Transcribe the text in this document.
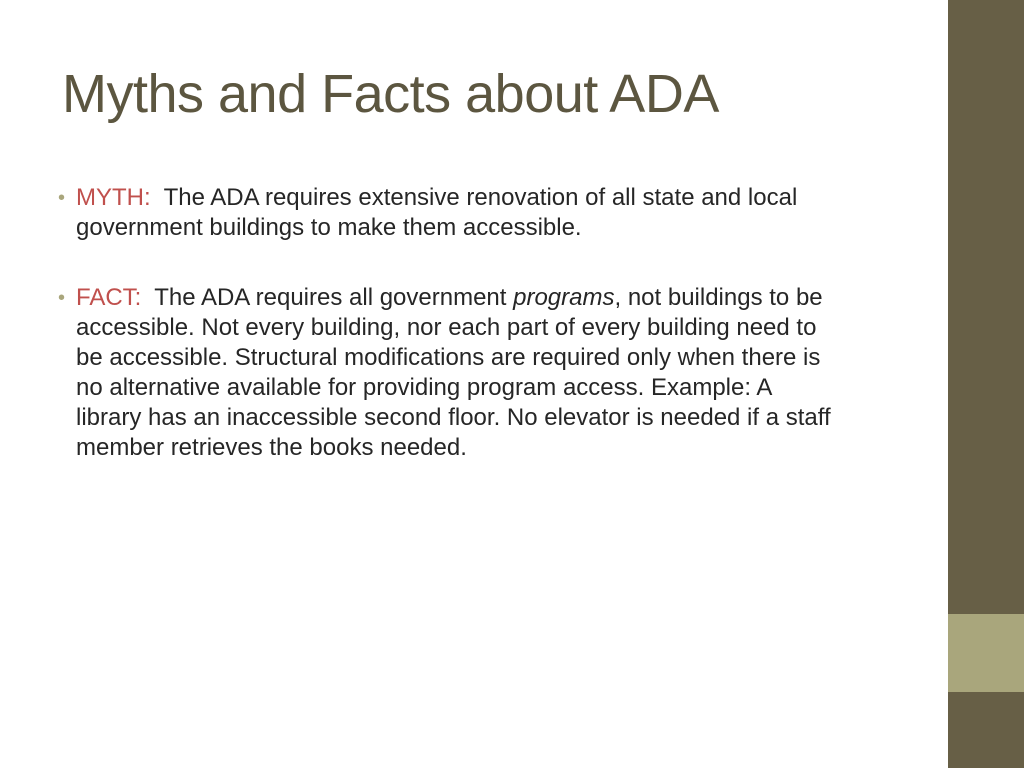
Myths and Facts about ADA

• MYTH: The ADA requires extensive renovation of all state and local government buildings to make them accessible.

• FACT: The ADA requires all government programs, not buildings to be accessible. Not every building, nor each part of every building need to be accessible. Structural modifications are required only when there is no alternative available for providing program access. Example: A library has an inaccessible second floor. No elevator is needed if a staff member retrieves the books needed.
